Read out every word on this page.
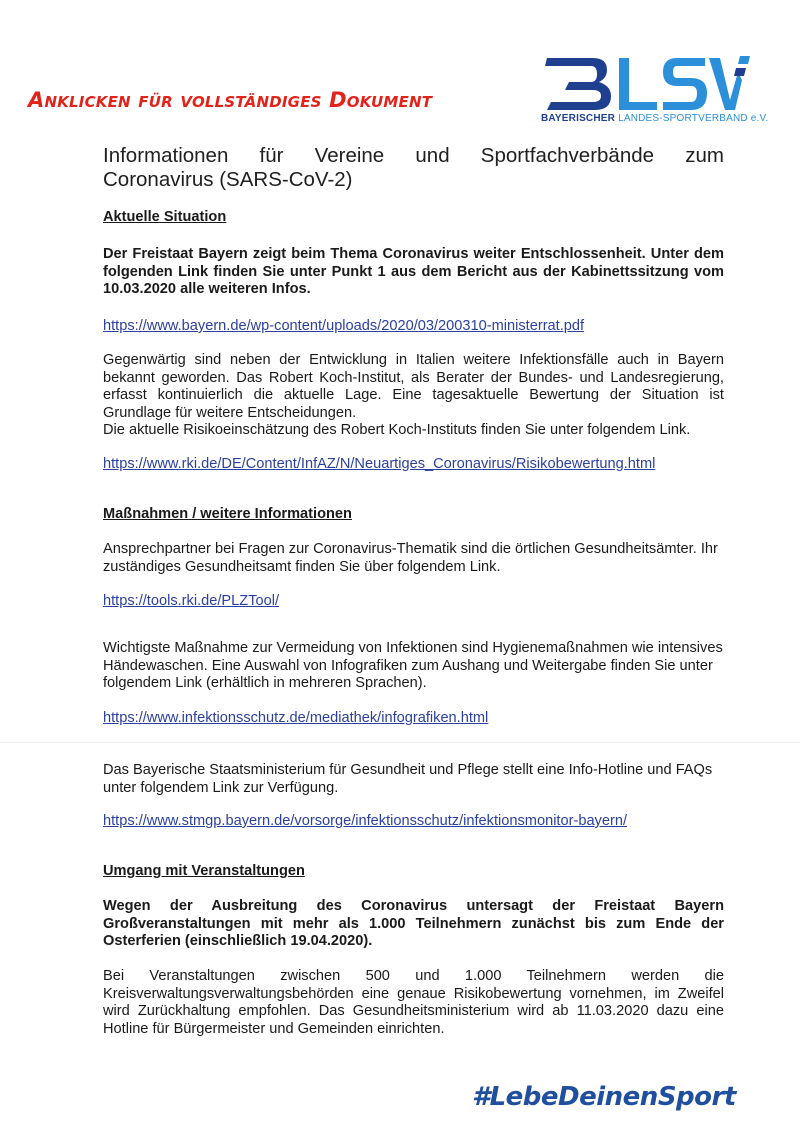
Anklicken für vollständiges Dokument
BAYERISCHER LANDES-SPORTVERBAND e.V.
Informationen für Vereine und Sportfachverbände zum
Coronavirus (SARS-CoV-2)
Aktuelle Situation
Der Freistaat Bayern zeigt beim Thema Coronavirus weiter Entschlossenheit. Unter dem folgenden Link finden Sie unter Punkt 1 aus dem Bericht aus der Kabinettssitzung vom 10.03.2020 alle weiteren Infos.
https://www.bayern.de/wp-content/uploads/2020/03/200310-ministerrat.pdf
Gegenwärtig sind neben der Entwicklung in Italien weitere Infektionsfälle auch in Bayern bekannt geworden. Das Robert Koch-Institut, als Berater der Bundes- und Landesregierung, erfasst kontinuierlich die aktuelle Lage. Eine tagesaktuelle Bewertung der Situation ist Grundlage für weitere Entscheidungen.
Die aktuelle Risikoeinschätzung des Robert Koch-Instituts finden Sie unter folgendem Link.
https://www.rki.de/DE/Content/InfAZ/N/Neuartiges_Coronavirus/Risikobewertung.html
Maßnahmen / weitere Informationen
Ansprechpartner bei Fragen zur Coronavirus-Thematik sind die örtlichen Gesundheitsämter. Ihr zuständiges Gesundheitsamt finden Sie über folgendem Link.
https://tools.rki.de/PLZTool/
Wichtigste Maßnahme zur Vermeidung von Infektionen sind Hygienemaßnahmen wie intensives Händewaschen. Eine Auswahl von Infografiken zum Aushang und Weitergabe finden Sie unter folgendem Link (erhältlich in mehreren Sprachen).
https://www.infektionsschutz.de/mediathek/infografiken.html
Das Bayerische Staatsministerium für Gesundheit und Pflege stellt eine Info-Hotline und FAQs unter folgendem Link zur Verfügung.
https://www.stmgp.bayern.de/vorsorge/infektionsschutz/infektionsmonitor-bayern/
Umgang mit Veranstaltungen
Wegen der Ausbreitung des Coronavirus untersagt der Freistaat Bayern Großveranstaltungen mit mehr als 1.000 Teilnehmern zunächst bis zum Ende der Osterferien (einschließlich 19.04.2020).
Bei Veranstaltungen zwischen 500 und 1.000 Teilnehmern werden die Kreisverwaltungsverwaltungsbehörden eine genaue Risikobewertung vornehmen, im Zweifel wird Zurückhaltung empfohlen. Das Gesundheitsministerium wird ab 11.03.2020 dazu eine Hotline für Bürgermeister und Gemeinden einrichten.
#LebeDeinenSport
